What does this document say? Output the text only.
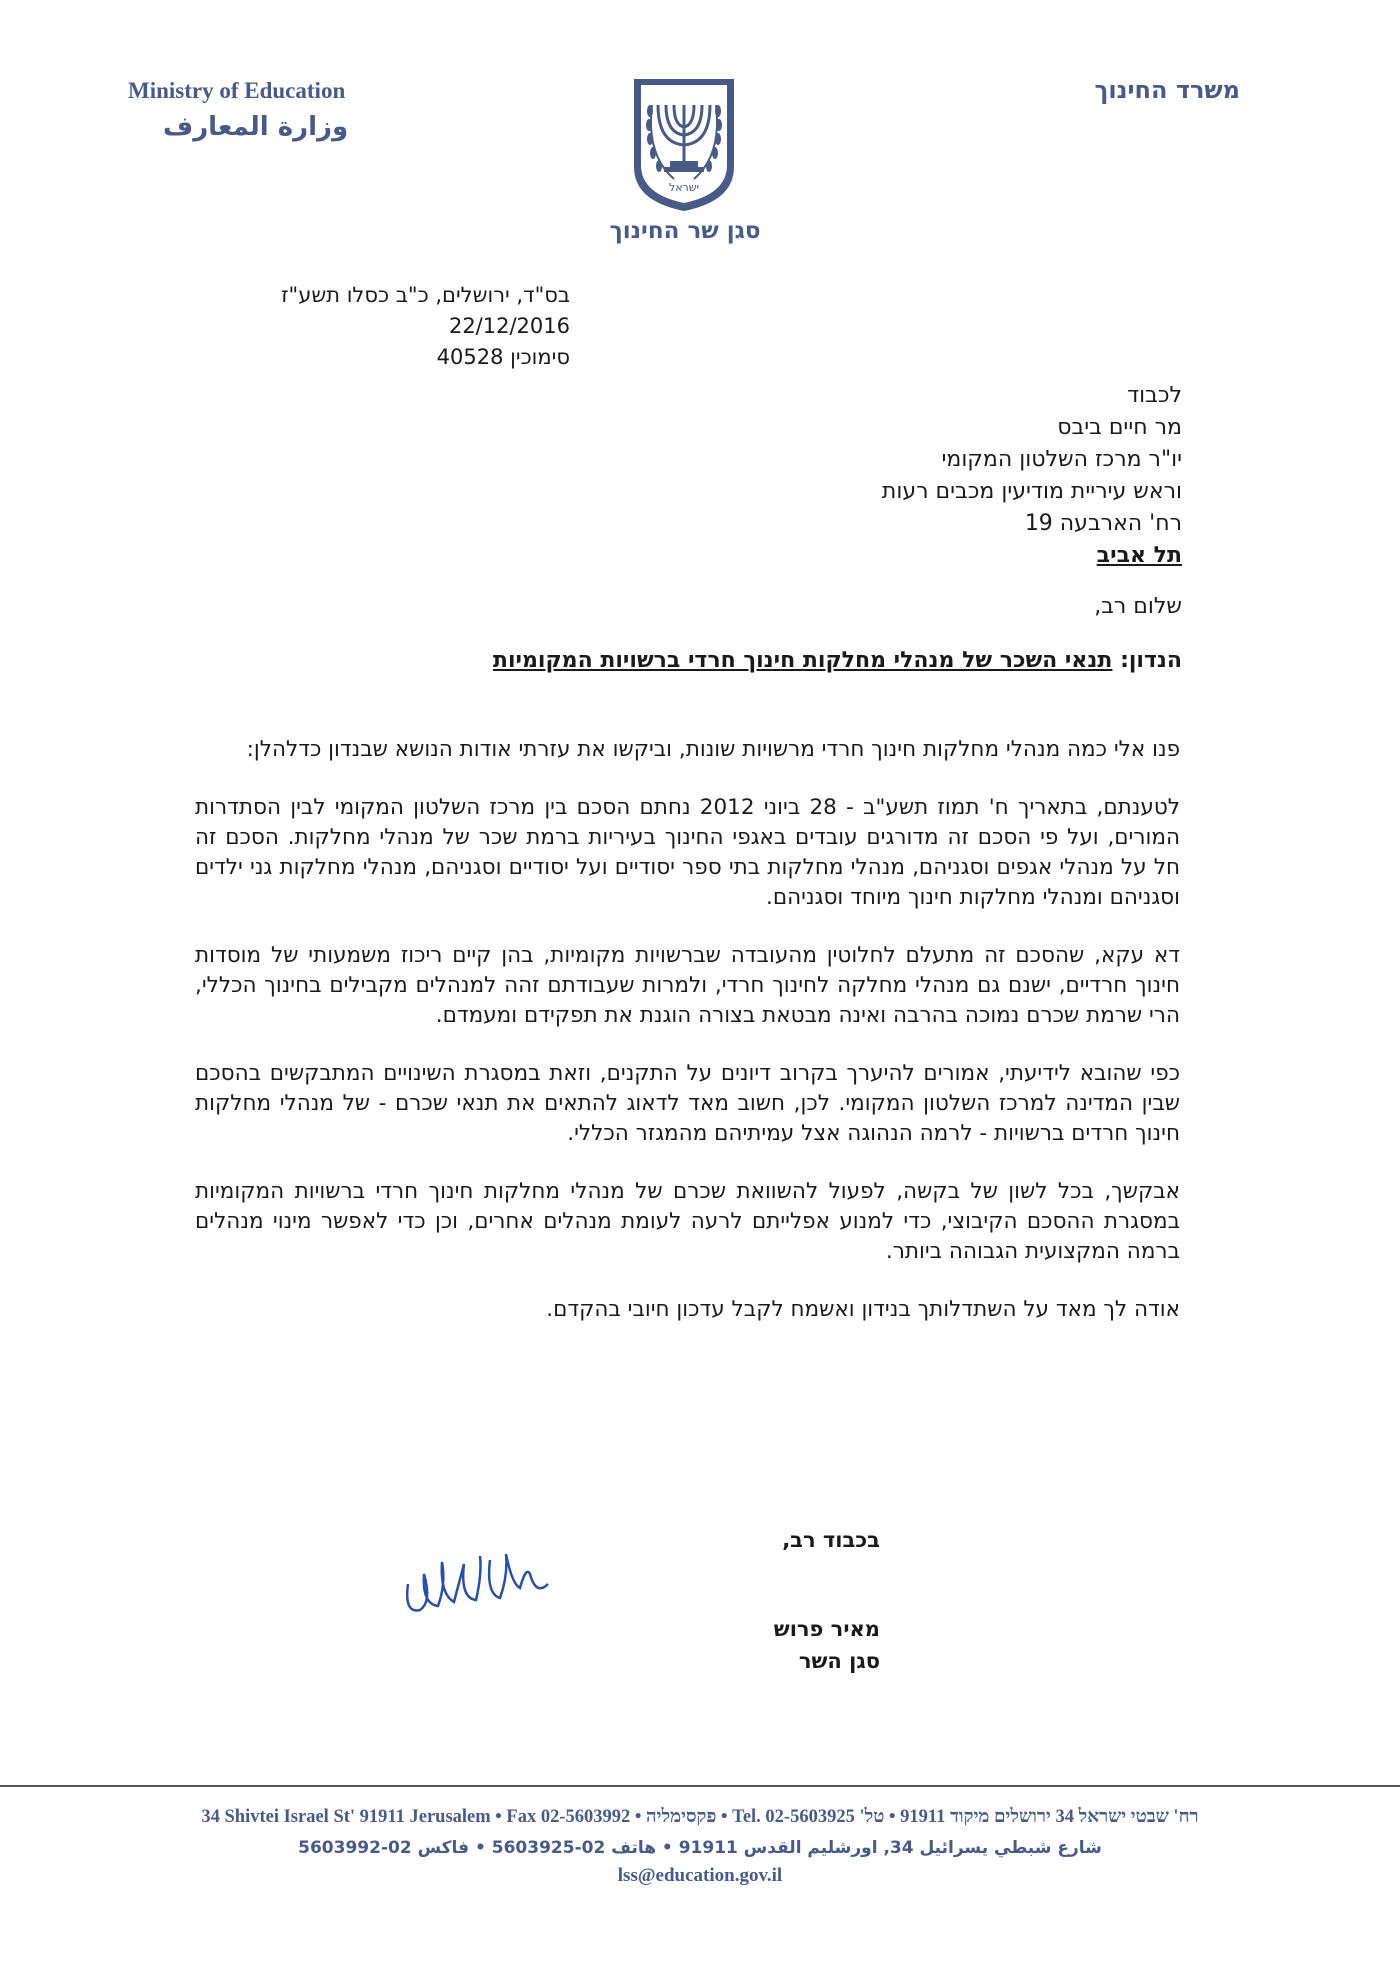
Ministry of Education
وزارة المعارف
משרד החינוך
ישראל
סגן שר החינוך
בס"ד, ירושלים, כ"ב כסלו תשע"ז
22/12/2016
סימוכין 40528
לכבוד
מר חיים ביבס
יו"ר מרכז השלטון המקומי
וראש עיריית מודיעין מכבים רעות
רח' הארבעה 19
תל אביב
שלום רב,
הנדון: תנאי השכר של מנהלי מחלקות חינוך חרדי ברשויות המקומיות

פנו אלי כמה מנהלי מחלקות חינוך חרדי מרשויות שונות, וביקשו את עזרתי אודות הנושא שבנדון כדלהלן:

לטענתם, בתאריך ח' תמוז תשע"ב - 28 ביוני 2012 נחתם הסכם בין מרכז השלטון המקומי לבין הסתדרות המורים, ועל פי הסכם זה מדורגים עובדים באגפי החינוך בעיריות ברמת שכר של מנהלי מחלקות. הסכם זה חל על מנהלי אגפים וסגניהם, מנהלי מחלקות בתי ספר יסודיים ועל יסודיים וסגניהם, מנהלי מחלקות גני ילדים וסגניהם ומנהלי מחלקות חינוך מיוחד וסגניהם.

דא עקא, שהסכם זה מתעלם לחלוטין מהעובדה שברשויות מקומיות, בהן קיים ריכוז משמעותי של מוסדות חינוך חרדיים, ישנם גם מנהלי מחלקה לחינוך חרדי, ולמרות שעבודתם זהה למנהלים מקבילים בחינוך הכללי, הרי שרמת שכרם נמוכה בהרבה ואינה מבטאת בצורה הוגנת את תפקידם ומעמדם.

כפי שהובא לידיעתי, אמורים להיערך בקרוב דיונים על התקנים, וזאת במסגרת השינויים המתבקשים בהסכם שבין המדינה למרכז השלטון המקומי. לכן, חשוב מאד לדאוג להתאים את תנאי שכרם - של מנהלי מחלקות חינוך חרדים ברשויות - לרמה הנהוגה אצל עמיתיהם מהמגזר הכללי.

אבקשך, בכל לשון של בקשה, לפעול להשוואת שכרם של מנהלי מחלקות חינוך חרדי ברשויות המקומיות במסגרת ההסכם הקיבוצי, כדי למנוע אפלייתם לרעה לעומת מנהלים אחרים, וכן כדי לאפשר מינוי מנהלים ברמה המקצועית הגבוהה ביותר.

אודה לך מאד על השתדלותך בנידון ואשמח לקבל עדכון חיובי בהקדם.

בכבוד רב,
מאיר פרוש
סגן השר
34 Shivtei Israel St' 91911 Jerusalem • Fax 02-5603992 • רח' שבטי ישראל 34 ירושלים מיקוד 91911 • טל' 02-5603925 .Tel • פקסימליה
شارع شبطي يسرائيل 34, اورشليم القدس 91911 • هاتف 02-5603925 • فاكس 02-5603992
lss@education.gov.il
